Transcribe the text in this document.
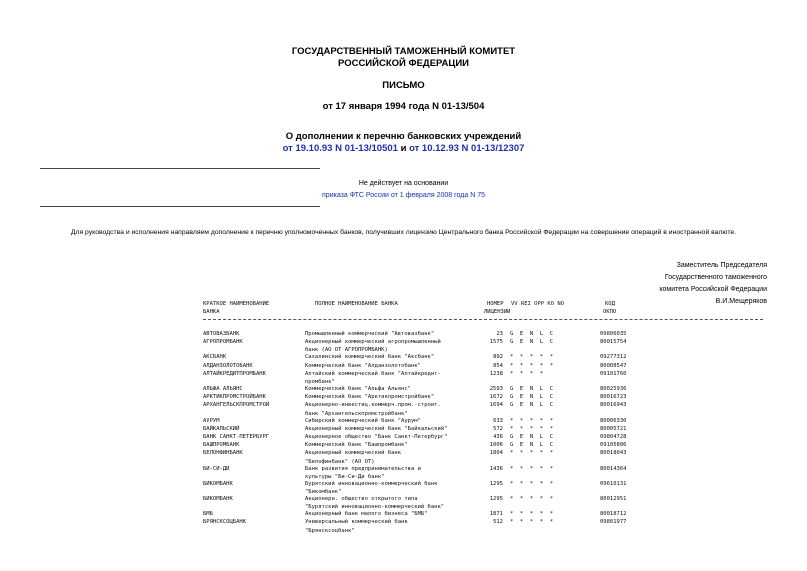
ГОСУДАРСТВЕННЫЙ ТАМОЖЕННЫЙ КОМИТЕТ
РОССИЙСКОЙ ФЕДЕРАЦИИ
ПИСЬМО
от 17 января 1994 года N 01-13/504
О дополнении к перечню банковских учреждений
от 19.10.93 N 01-13/10501 и от 10.12.93 N 01-13/12307
Не действует на основании
приказа ФТС России от 1 февраля 2008 года N 75
Для руководства и исполнения направляем дополнение к перечню уполномоченных банков, получивших лицензию Центрального банка Российской Федерации на совершение операций в иностранной валюте.
Заместитель Председателя
Государственного таможенного
комитета Российской Федерации
В.И.Мещеряков
КРАТКОЕ НАИМЕНОВАНИЕ
БАНКА
ПОЛНОЕ НАИМЕНОВАНИЕ БАНКА	НОМЕР
ЛИЦЕНЗИИ
VV REI OPP KO NO	КОД
ОКПО
АВТОВАЗБАНК	Промышленный коммерческий "Автовазбанк"	23 G  E  N  L  C	09806035
АГРОПРОМБАНК	Акционерный коммерческий агропромышленный	1575 G  E  N  L  C	80015754
банк (АО ОТ АГРОПРОМБАНК)
АКСБАНК	Сахалинский коммерческий банк "Аксбанк"	892 *  *  *  *  *	09277312
АЛДАНЗОЛОТОБАНК	Коммерческий банк "Алданзолотобанк"	854 *  *  *  *  *	80008547
АЛТАЙКРЕДИТПРОМБАНК	Алтайский коммерческий банк "Алтайкредит-	1238 *  *  *  *	09101760
промбанк"
АЛЬФА АЛЬЯНС	Коммерческий банк "Альфа Альянс"	2593 G  E  N  L  C	80025936
АРКТИКПРОМСТРОЙБАНК	Коммерческий банк "Арктикпромстройбанк"	1672 G  E  N  L  C	80016723
АРХАНГЕЛЬСКПРОМСТРОЙ	Акционерно-инвестиц.коммерч.пром.-строит.	1694 G  E  N  L  C	80016943
банк "Архангельскпромстройбанк"
АУРУМ	Сибирский коммерческий банк "Аурум"	633 *  *  *  *  *	80006330
БАЙКАЛЬСКИЙ	Акционерный коммерческий банк "Байкальский"	572 *  *  *  *  *	80005721
БАНК САНКТ-ПЕТЕРБУРГ	Акционерное общество "Банк Санкт-Петербург"	436 G  E  N  L  C	09804728
БАШПРОМБАНК	Коммерческий банк "Башпромбанк"	1006 G  E  N  L  C	09105806
БЕЛОНФИНБАНК	Акционерный коммерческий банк	1804 *  *  *  *  *	80018043
"Белофинбанк" (АО ОТ)
БИ-СИ-ДИ	Банк развития предпринимательства и	1436 *  *  *  *  *	80014364
культуры "Би-Си-Ди банк"
БИКОМБАНК	Бурятский инновационно-коммерческий банк	1295 *  *  *  *  *	09610131
"Бикомбанк"
БИКОМБАНК	Акционерн. общество открытого типа	1295 *  *  *  *  *	80012951
"Бурятский инновационно-коммерческий банк"
БМБ	Акционерный банк малого бизнеса "БМБ"	1871 *  *  *  *  *	80018712
БРЯНСКСОЦБАНК	Универсальный коммерческий банк	512 *  *  *  *  *	09801977
"Брянсксоцбанк"
